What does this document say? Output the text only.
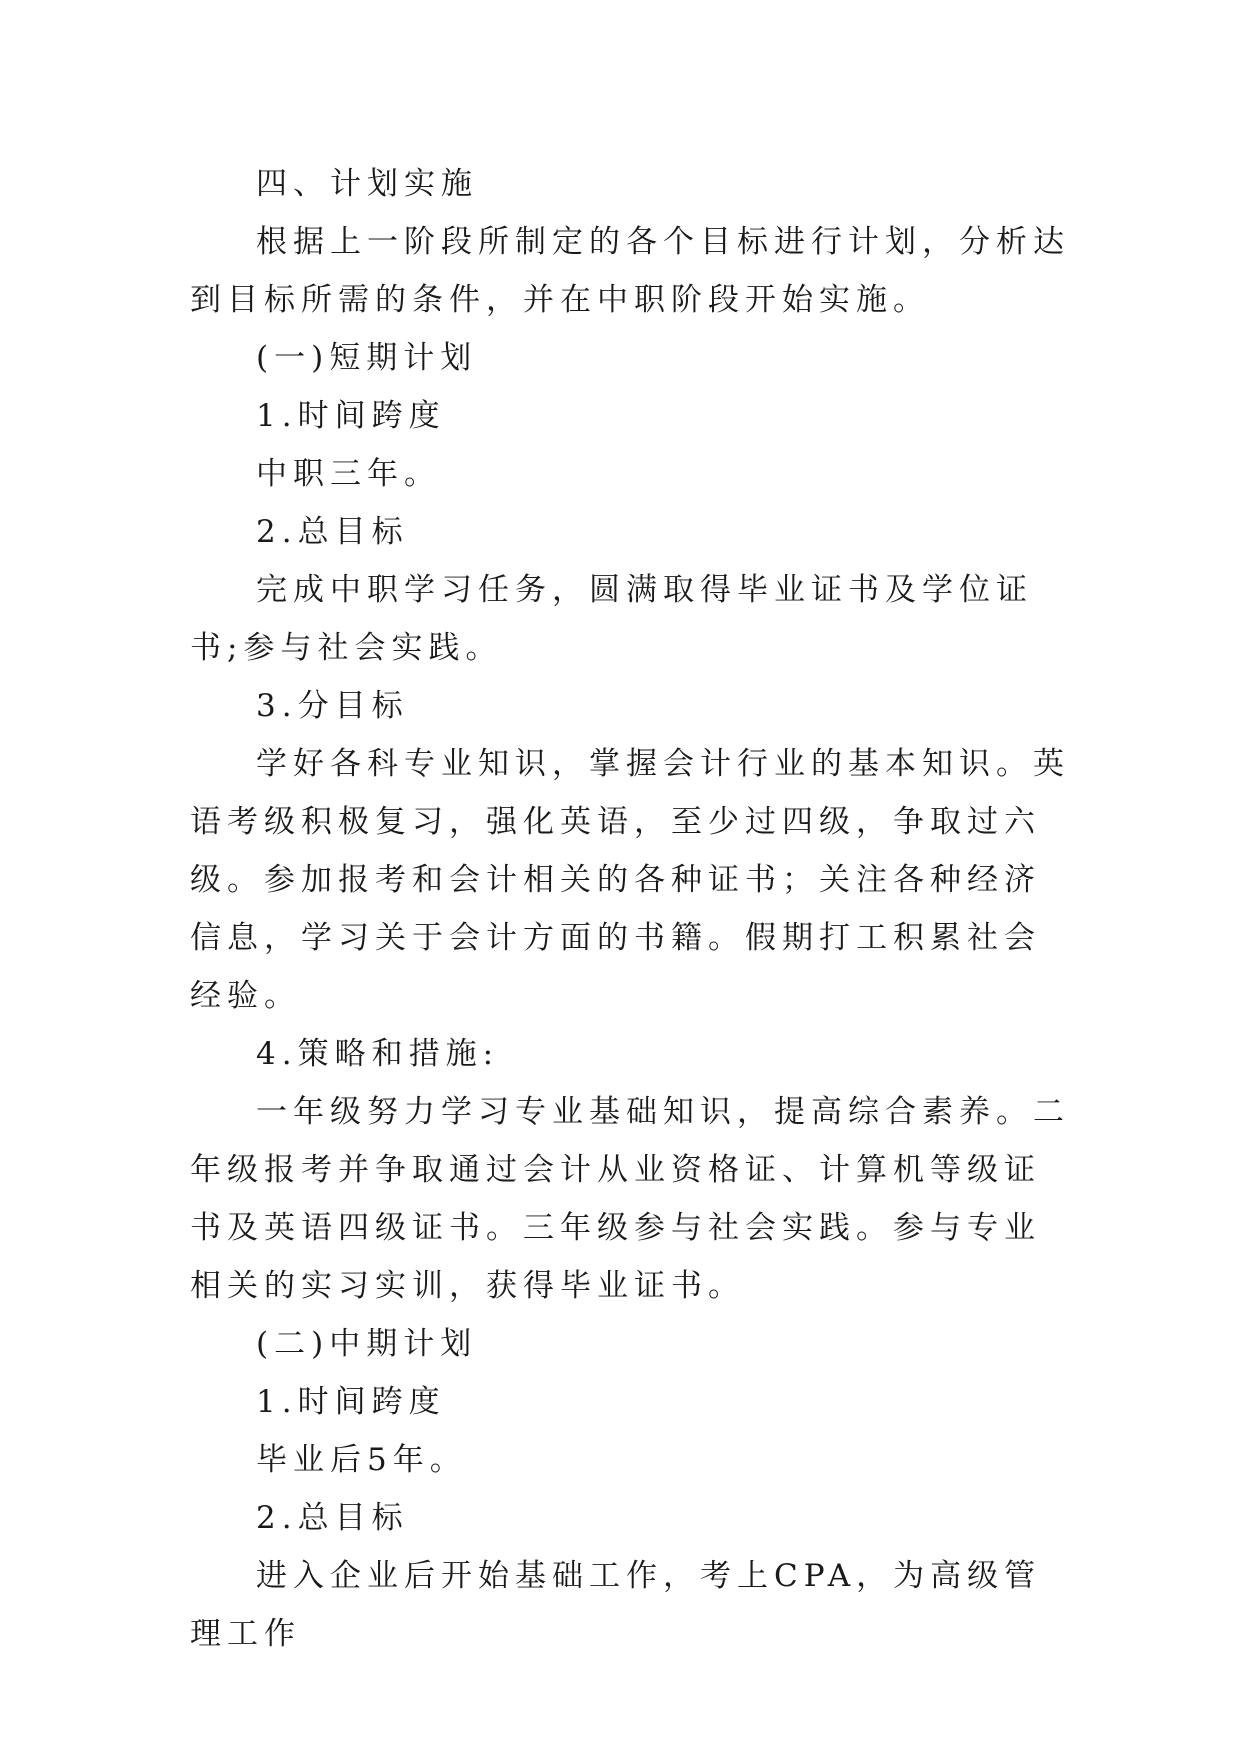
四、计划实施

根据上一阶段所制定的各个目标进行计划，分析达到目标所需的条件，并在中职阶段开始实施。

(一)短期计划

1.时间跨度

中职三年。

2.总目标

完成中职学习任务，圆满取得毕业证书及学位证书;参与社会实践。

3.分目标

学好各科专业知识，掌握会计行业的基本知识。英语考级积极复习，强化英语，至少过四级，争取过六级。参加报考和会计相关的各种证书；关注各种经济信息，学习关于会计方面的书籍。假期打工积累社会经验。

4.策略和措施:

一年级努力学习专业基础知识，提高综合素养。二年级报考并争取通过会计从业资格证、计算机等级证书及英语四级证书。三年级参与社会实践。参与专业相关的实习实训，获得毕业证书。

(二)中期计划

1.时间跨度

毕业后5年。

2.总目标

进入企业后开始基础工作，考上CPA，为高级管理工作
